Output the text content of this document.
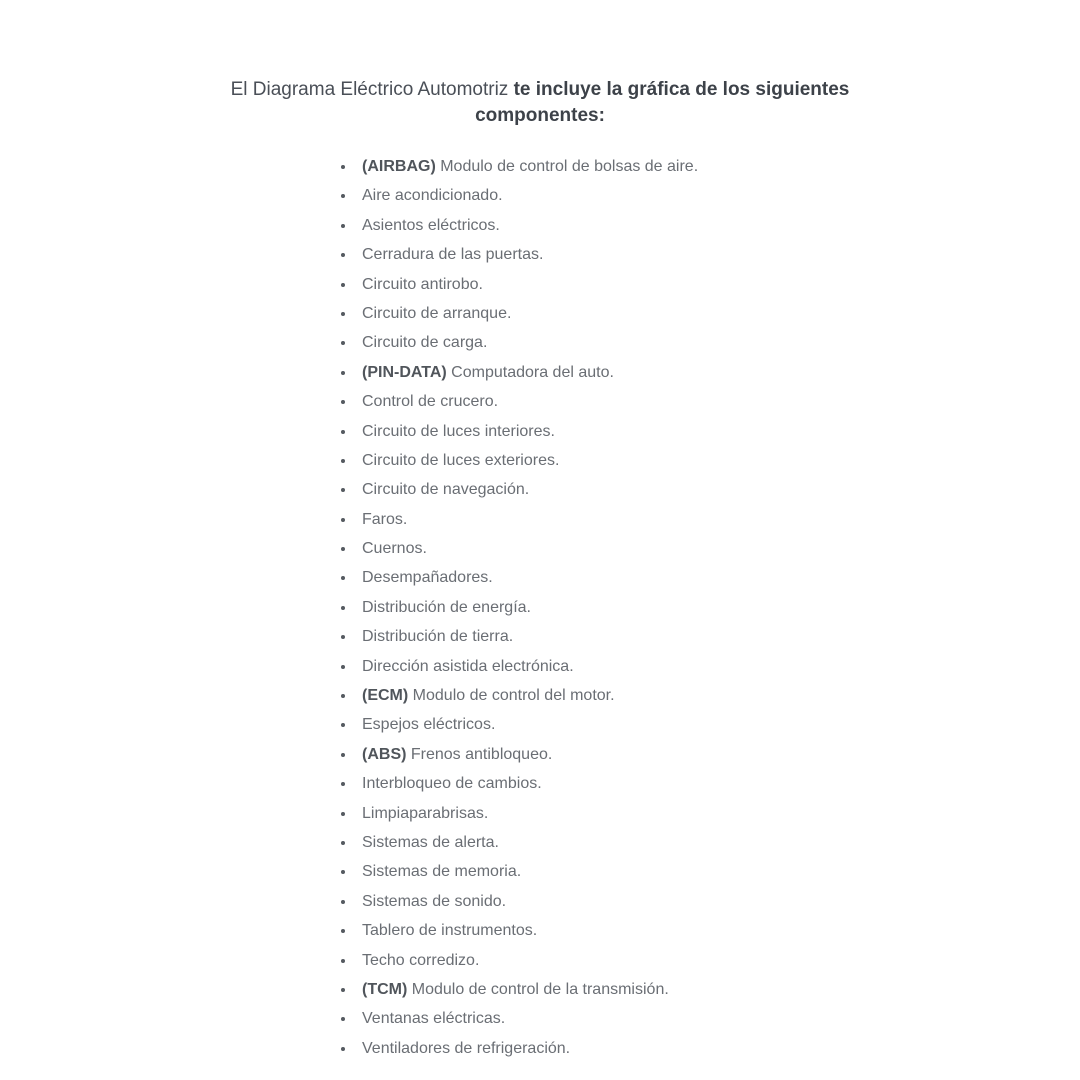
El Diagrama Eléctrico Automotriz te incluye la gráfica de los siguientes
componentes:
(AIRBAG) Modulo de control de bolsas de aire.
Aire acondicionado.
Asientos eléctricos.
Cerradura de las puertas.
Circuito antirobo.
Circuito de arranque.
Circuito de carga.
(PIN-DATA) Computadora del auto.
Control de crucero.
Circuito de luces interiores.
Circuito de luces exteriores.
Circuito de navegación.
Faros.
Cuernos.
Desempañadores.
Distribución de energía.
Distribución de tierra.
Dirección asistida electrónica.
(ECM) Modulo de control del motor.
Espejos eléctricos.
(ABS) Frenos antibloqueo.
Interbloqueo de cambios.
Limpiaparabrisas.
Sistemas de alerta.
Sistemas de memoria.
Sistemas de sonido.
Tablero de instrumentos.
Techo corredizo.
(TCM) Modulo de control de la transmisión.
Ventanas eléctricas.
Ventiladores de refrigeración.
